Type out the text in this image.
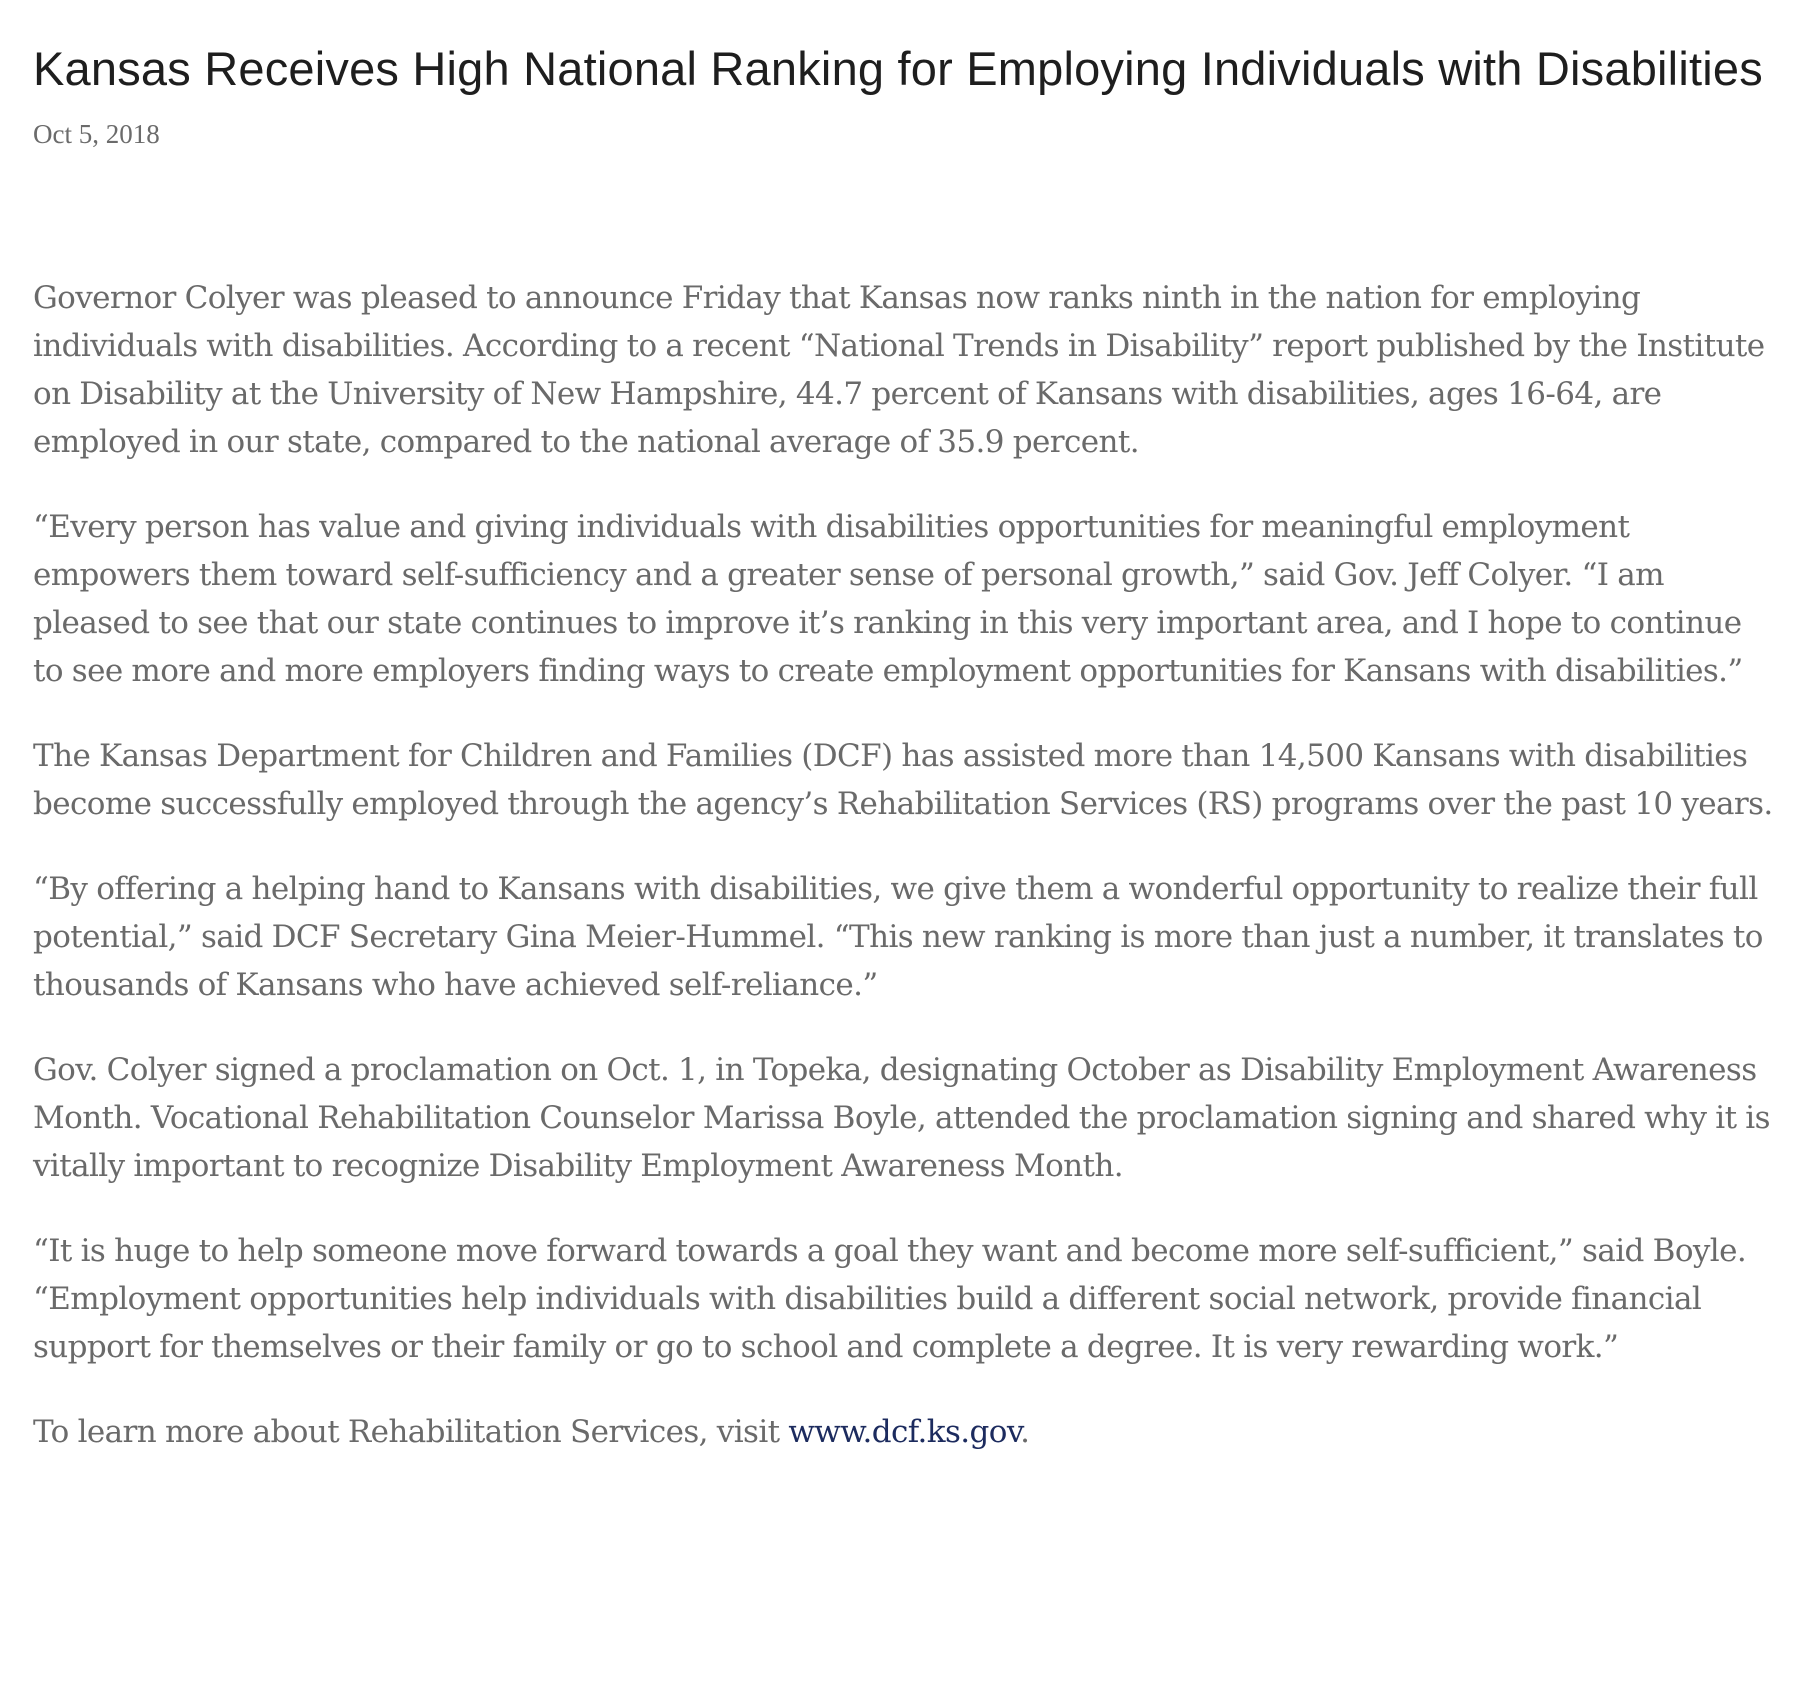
Kansas Receives High National Ranking for Employing Individuals with Disabilities
Oct 5, 2018

Governor Colyer was pleased to announce Friday that Kansas now ranks ninth in the nation for employing individuals with disabilities. According to a recent “National Trends in Disability” report published by the Institute on Disability at the University of New Hampshire, 44.7 percent of Kansans with disabilities, ages 16-64, are employed in our state, compared to the national average of 35.9 percent.

“Every person has value and giving individuals with disabilities opportunities for meaningful employment empowers them toward self-sufficiency and a greater sense of personal growth,” said Gov. Jeff Colyer. “I am pleased to see that our state continues to improve it’s ranking in this very important area, and I hope to continue to see more and more employers finding ways to create employment opportunities for Kansans with disabilities.”

The Kansas Department for Children and Families (DCF) has assisted more than 14,500 Kansans with disabilities become successfully employed through the agency’s Rehabilitation Services (RS) programs over the past 10 years.

“By offering a helping hand to Kansans with disabilities, we give them a wonderful opportunity to realize their full potential,” said DCF Secretary Gina Meier-Hummel. “This new ranking is more than just a number, it translates to thousands of Kansans who have achieved self-reliance.”

Gov. Colyer signed a proclamation on Oct. 1, in Topeka, designating October as Disability Employment Awareness Month. Vocational Rehabilitation Counselor Marissa Boyle, attended the proclamation signing and shared why it is vitally important to recognize Disability Employment Awareness Month.

“It is huge to help someone move forward towards a goal they want and become more self-sufficient,” said Boyle. “Employment opportunities help individuals with disabilities build a different social network, provide financial support for themselves or their family or go to school and complete a degree. It is very rewarding work.”

To learn more about Rehabilitation Services, visit www.dcf.ks.gov.
